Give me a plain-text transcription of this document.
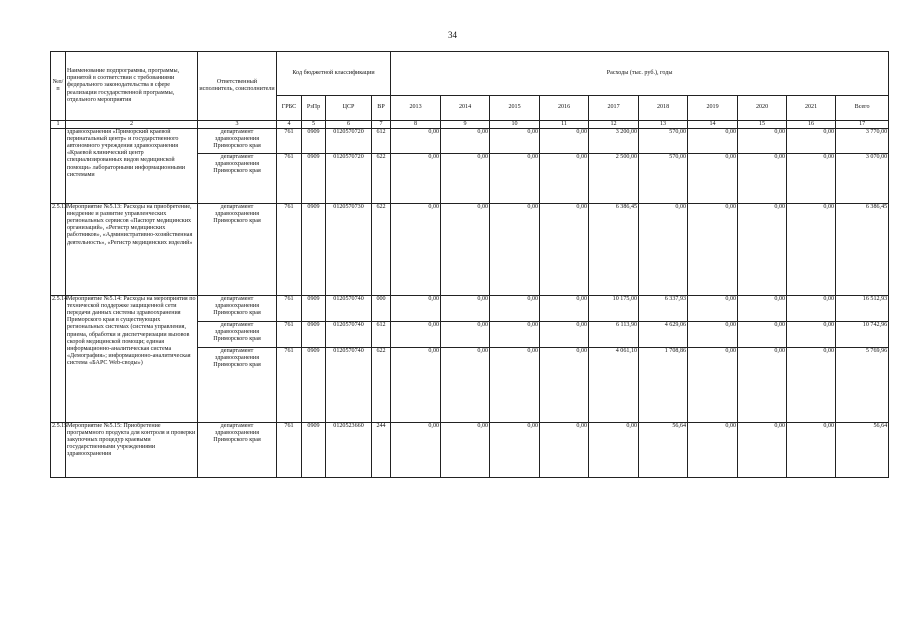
34
№п/п	Наименование подпрограммы, программы, принятой в соответствии с требованиями федерального законодательства в сфере реализации государственной программы, отдельного мероприятия	Ответственный исполнитель, соисполнители	Код бюджетной классификации				Расходы (тыс. руб.), годы									
			ГРБС	РзПр	ЦСР	ВР	2013	2014	2015	2016	2017	2018	2019	2020	2021	Всего
1	2	3	4	5	6	7	8	9	10	11	12	13	14	15	16	17
	здравоохранения «Приморский краевой перинатальный центр» и государственного автономного учреждения здравоохранения «Краевой клинический центр специализированных видов медицинской помощи» лабораторными информационными системами	департамент здравоохранения Приморского края	761	0909	0120570720	612	0,00	0,00	0,00	0,00	3 200,00	570,00	0,00	0,00	0,00	3 770,00
		департамент здравоохранения Приморского края	761	0909	0120570720	622	0,00	0,00	0,00	0,00	2 500,00	570,00	0,00	0,00	0,00	3 070,00
2.5.13	Мероприятие №5.13: Расходы на приобретение, внедрение и развитие управленческих региональных сервисов «Паспорт медицинских организаций», «Регистр медицинских работников», «Административно-хозяйственная деятельность», «Регистр медицинских изделий»	департамент здравоохранения Приморского края	761	0909	0120570730	622	0,00	0,00	0,00	0,00	6 386,45	0,00	0,00	0,00	0,00	6 386,45
2.5.14	Мероприятие №5.14: Расходы на мероприятия по технической поддержке защищенной сети передачи данных системы здравоохранения Приморского края в существующих региональных системах (система управления, приема, обработки и диспетчеризации вызовов скорой медицинской помощи; единая информационно-аналитическая система «Демография»; информационно-аналитическая система «БАРС Web-своды»)	департамент здравоохранения Приморского края	761	0909	0120570740	000	0,00	0,00	0,00	0,00	10 175,00	6 337,93	0,00	0,00	0,00	16 512,93
		департамент здравоохранения Приморского края	761	0909	0120570740	612	0,00	0,00	0,00	0,00	6 113,90	4 629,06	0,00	0,00	0,00	10 742,96
		департамент здравоохранения Приморского края	761	0909	0120570740	622	0,00	0,00	0,00	0,00	4 061,10	1 708,86	0,00	0,00	0,00	5 769,96
2.5.15	Мероприятие №5.15: Приобретение программного продукта для контроля и проверки закупочных процедур краевыми государственными учреждениями здравоохранения	департамент здравоохранения Приморского края	761	0909	0120523660	244	0,00	0,00	0,00	0,00	0,00	56,64	0,00	0,00	0,00	56,64
